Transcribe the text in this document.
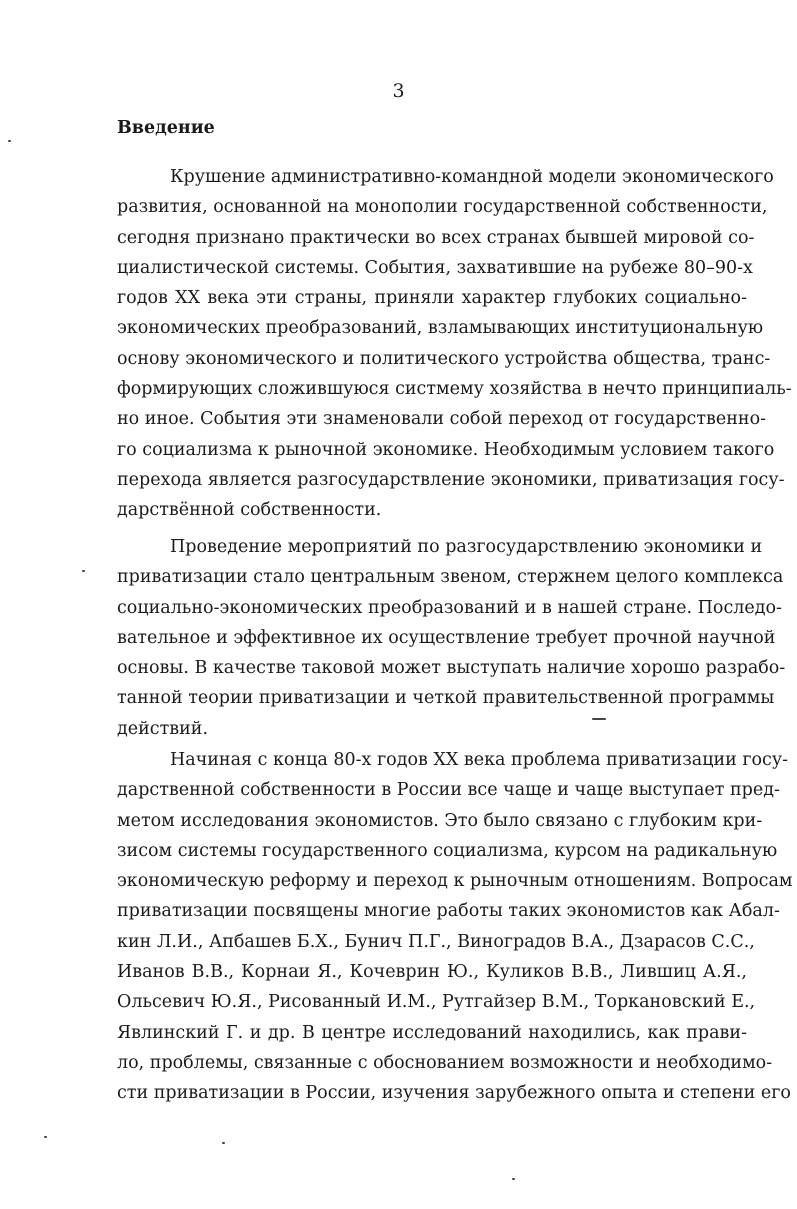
3
Введение
Крушение административно-командной модели экономического
развития, основанной на монополии государственной собственности,
сегодня признано практически во всех странах бывшей мировой со-
циалистической системы. События, захватившие на рубеже 80–90-х
годов XX века эти страны, приняли характер глубоких социально-
экономических преобразований, взламывающих институциональную
основу экономического и политического устройства общества, транс-
формирующих сложившуюся систмему хозяйства в нечто принципиаль-
но иное. События эти знаменовали собой переход от государственно-
го социализма к рыночной экономике. Необходимым условием такого
перехода является разгосударствление экономики, приватизация госу-
дарствённой собственности.
Проведение мероприятий по разгосударствлению экономики и
приватизации стало центральным звеном, стержнем целого комплекса
социально-экономических преобразований и в нашей стране. Последо-
вательное и эффективное их осуществление требует прочной научной
основы. В качестве таковой может выступать наличие хорошо разрабо-
танной теории приватизации и четкой правительственной программы
действий.
Начиная с конца 80-х годов XX века проблема приватизации госу-
дарственной собственности в России все чаще и чаще выступает пред-
метом исследования экономистов. Это было связано с глубоким кри-
зисом системы государственного социализма, курсом на радикальную
экономическую реформу и переход к рыночным отношениям. Вопросам
приватизации посвящены многие работы таких экономистов как Абал-
кин Л.И., Апбашев Б.Х., Бунич П.Г., Виноградов В.А., Дзарасов С.С.,
Иванов В.В., Корнаи Я., Кочеврин Ю., Куликов В.В., Лившиц А.Я.,
Ольсевич Ю.Я., Рисованный И.М., Рутгайзер В.М., Торкановский Е.,
Явлинский Г. и др. В центре исследований находились, как прави-
ло, проблемы, связанные с обоснованием возможности и необходимо-
сти приватизации в России, изучения зарубежного опыта и степени его
